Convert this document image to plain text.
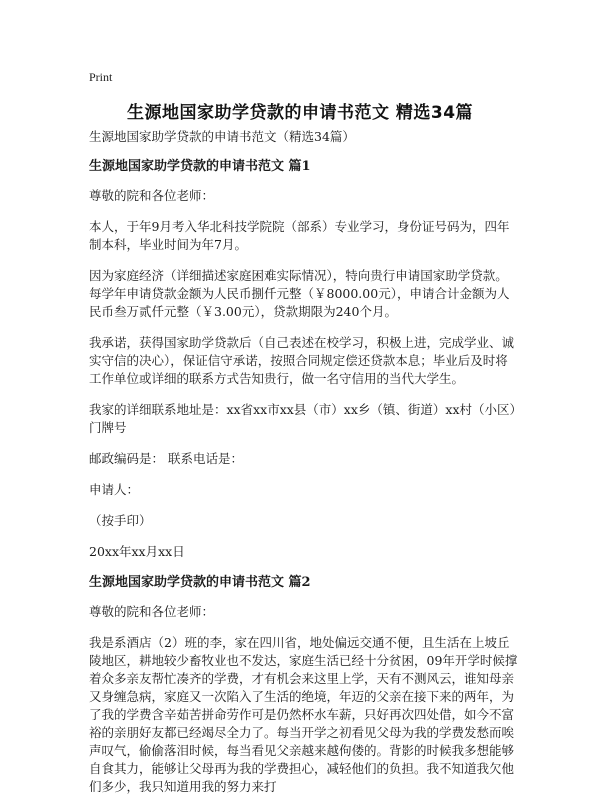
Print
生源地国家助学贷款的申请书范文 精选34篇

生源地国家助学贷款的申请书范文（精选34篇）

生源地国家助学贷款的申请书范文 篇1

尊敬的院和各位老师：

本人，于年9月考入华北科技学院院（部系）专业学习，身份证号码为，四年制本科，毕业时间为年7月。

因为家庭经济（详细描述家庭困难实际情况），特向贵行申请国家助学贷款。每学年申请贷款金额为人民币捌仟元整（￥8000.00元），申请合计金额为人民币叁万贰仟元整（￥3.00元），贷款期限为240个月。

我承诺，获得国家助学贷款后（自己表述在校学习，积极上进，完成学业、诚实守信的决心），保证信守承诺，按照合同规定偿还贷款本息；毕业后及时将工作单位或详细的联系方式告知贵行，做一名守信用的当代大学生。

我家的详细联系地址是：xx省xx市xx县（市）xx乡（镇、街道）xx村（小区）门牌号

邮政编码是： 联系电话是：

申请人：

（按手印）

20xx年xx月xx日

生源地国家助学贷款的申请书范文 篇2

尊敬的院和各位老师：

我是系酒店（2）班的李，家在四川省，地处偏远交通不便，且生活在上坡丘陵地区，耕地较少畜牧业也不发达，家庭生活已经十分贫困，09年开学时候撑着众多亲友帮忙凑齐的学费，才有机会来这里上学，天有不测风云，谁知母亲又身缠急病，家庭又一次陷入了生活的绝境，年迈的父亲在接下来的两年，为了我的学费含辛茹苦拼命劳作可是仍然杯水车薪，只好再次四处借，如今不富裕的亲朋好友都已经竭尽全力了。每当开学之初看见父母为我的学费发愁而唉声叹气，偷偷落泪时候，每当看见父亲越来越佝偻的。背影的时候我多想能够自食其力，能够让父母再为我的学费担心，减轻他们的负担。我不知道我欠他们多少，我只知道用我的努力来打
